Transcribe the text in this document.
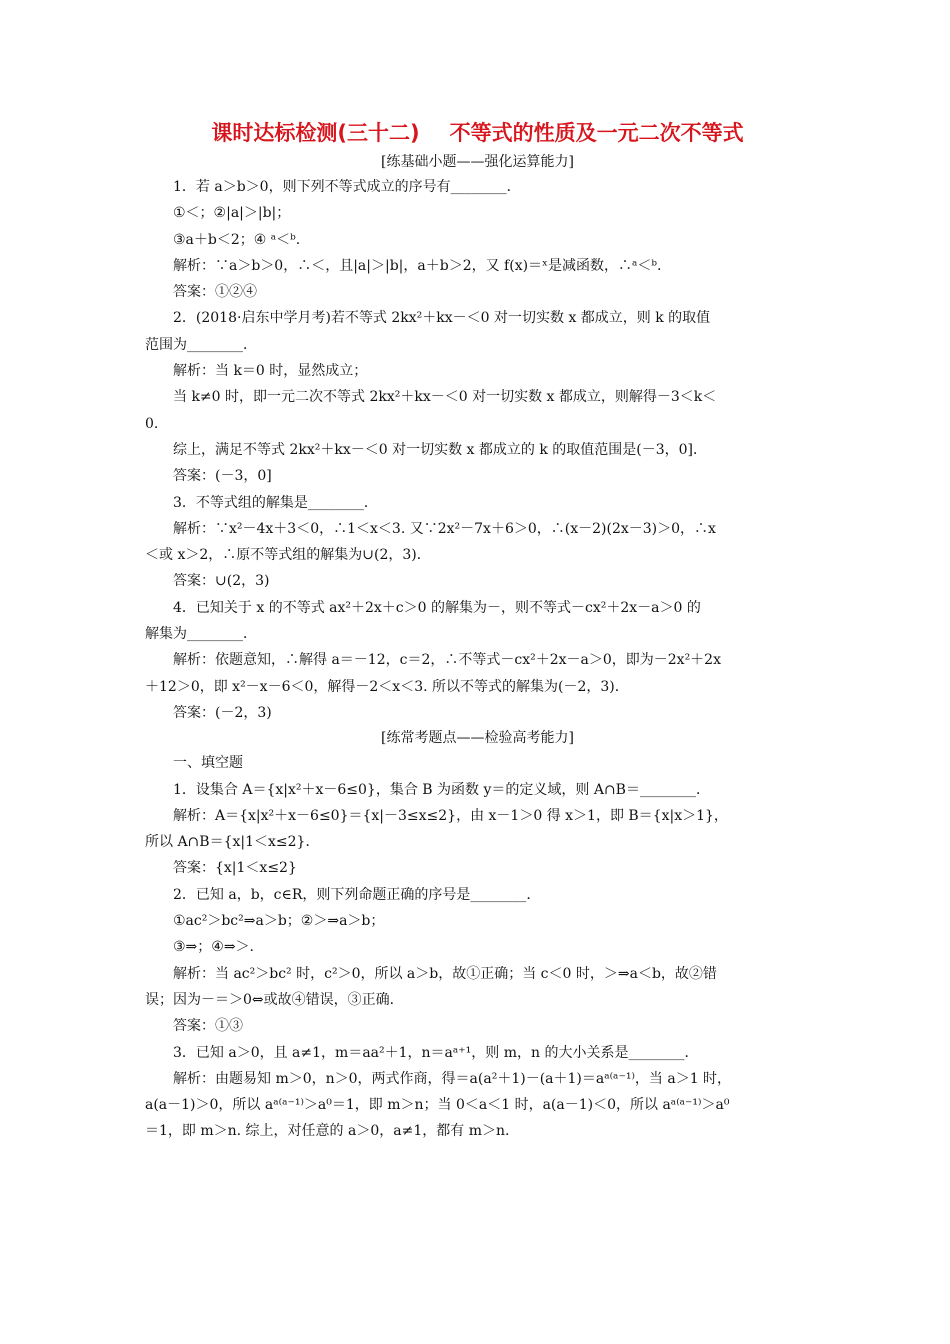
课时达标检测(三十二) 不等式的性质及一元二次不等式
[练基础小题——强化运算能力]
1．若 a＞b＞0，则下列不等式成立的序号有________．
①＜；②|a|＞|b|；
③a＋b＜2；④ ᵃ＜ᵇ.
解析：∵a＞b＞0，∴＜，且|a|＞|b|，a＋b＞2，又 f(x)＝ˣ是减函数，∴ᵃ＜ᵇ.
答案：①②④
2．(2018·启东中学月考)若不等式 2kx²＋kx－＜0 对一切实数 x 都成立，则 k 的取值
范围为________．
解析：当 k＝0 时，显然成立；
当 k≠0 时，即一元二次不等式 2kx²＋kx－＜0 对一切实数 x 都成立，则解得－3＜k＜
0.
综上，满足不等式 2kx²＋kx－＜0 对一切实数 x 都成立的 k 的取值范围是(－3，0]．
答案：(－3，0]
3．不等式组的解集是________．
解析：∵x²－4x＋3＜0，∴1＜x＜3. 又∵2x²－7x＋6＞0，∴(x－2)(2x－3)＞0，∴x
＜或 x＞2，∴原不等式组的解集为∪(2，3)．
答案：∪(2，3)
4．已知关于 x 的不等式 ax²＋2x＋c＞0 的解集为－，则不等式－cx²＋2x－a＞0 的
解集为________．
解析：依题意知，∴解得 a＝－12，c＝2，∴不等式－cx²＋2x－a＞0，即为－2x²＋2x
＋12＞0，即 x²－x－6＜0，解得－2＜x＜3. 所以不等式的解集为(－2，3)．
答案：(－2，3)
[练常考题点——检验高考能力]
一、填空题
1．设集合 A＝{x|x²＋x－6≤0}，集合 B 为函数 y＝的定义域，则 A∩B＝________．
解析：A＝{x|x²＋x－6≤0}＝{x|－3≤x≤2}，由 x－1＞0 得 x＞1，即 B＝{x|x＞1}，
所以 A∩B＝{x|1＜x≤2}．
答案：{x|1＜x≤2}
2．已知 a，b，c∈R，则下列命题正确的序号是________．
①ac²＞bc²⇒a＞b；②＞⇒a＞b；
③⇒；④⇒＞.
解析：当 ac²＞bc² 时，c²＞0，所以 a＞b，故①正确；当 c＜0 时，＞⇒a＜b，故②错
误；因为－＝＞0⇔或故④错误，③正确．
答案：①③
3．已知 a＞0，且 a≠1，m＝aa²＋1，n＝aᵃ⁺¹，则 m，n 的大小关系是________．
解析：由题易知 m＞0，n＞0，两式作商，得＝a(a²＋1)－(a＋1)＝aᵃ⁽ᵃ⁻¹⁾，当 a＞1 时，
a(a－1)＞0，所以 aᵃ⁽ᵃ⁻¹⁾＞a⁰＝1，即 m＞n；当 0＜a＜1 时，a(a－1)＜0，所以 aᵃ⁽ᵃ⁻¹⁾＞a⁰
＝1，即 m＞n. 综上，对任意的 a＞0，a≠1，都有 m＞n.
